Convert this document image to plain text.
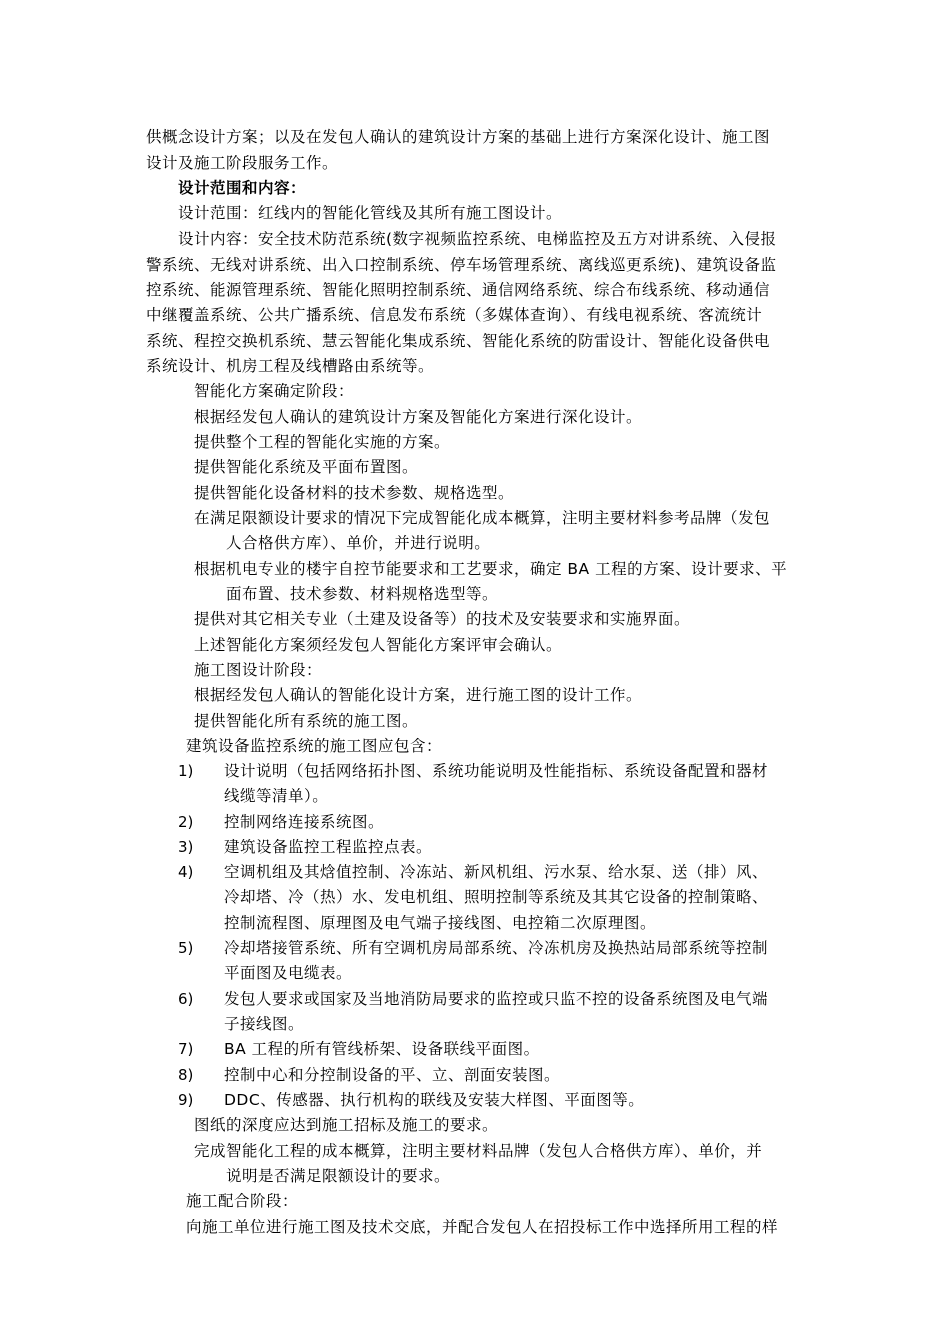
供概念设计方案；以及在发包人确认的建筑设计方案的基础上进行方案深化设计、施工图
设计及施工阶段服务工作。
设计范围和内容：
设计范围：红线内的智能化管线及其所有施工图设计。
设计内容：安全技术防范系统(数字视频监控系统、电梯监控及五方对讲系统、入侵报
警系统、无线对讲系统、出入口控制系统、停车场管理系统、离线巡更系统)、建筑设备监
控系统、能源管理系统、智能化照明控制系统、通信网络系统、综合布线系统、移动通信
中继覆盖系统、公共广播系统、信息发布系统（多媒体查询）、有线电视系统、客流统计
系统、程控交换机系统、慧云智能化集成系统、智能化系统的防雷设计、智能化设备供电
系统设计、机房工程及线槽路由系统等。
智能化方案确定阶段：
根据经发包人确认的建筑设计方案及智能化方案进行深化设计。
提供整个工程的智能化实施的方案。
提供智能化系统及平面布置图。
提供智能化设备材料的技术参数、规格选型。
在满足限额设计要求的情况下完成智能化成本概算，注明主要材料参考品牌（发包
人合格供方库）、单价，并进行说明。
根据机电专业的楼宇自控节能要求和工艺要求，确定 BA 工程的方案、设计要求、平
面布置、技术参数、材料规格选型等。
提供对其它相关专业（土建及设备等）的技术及安装要求和实施界面。
上述智能化方案须经发包人智能化方案评审会确认。
施工图设计阶段：
根据经发包人确认的智能化设计方案，进行施工图的设计工作。
提供智能化所有系统的施工图。
建筑设备监控系统的施工图应包含：
1) 设计说明（包括网络拓扑图、系统功能说明及性能指标、系统设备配置和器材
线缆等清单）。
2) 控制网络连接系统图。
3) 建筑设备监控工程监控点表。
4) 空调机组及其焓值控制、冷冻站、新风机组、污水泵、给水泵、送（排）风、
冷却塔、冷（热）水、发电机组、照明控制等系统及其其它设备的控制策略、
控制流程图、原理图及电气端子接线图、电控箱二次原理图。
5) 冷却塔接管系统、所有空调机房局部系统、冷冻机房及换热站局部系统等控制
平面图及电缆表。
6) 发包人要求或国家及当地消防局要求的监控或只监不控的设备系统图及电气端
子接线图。
7) BA 工程的所有管线桥架、设备联线平面图。
8) 控制中心和分控制设备的平、立、剖面安装图。
9) DDC、传感器、执行机构的联线及安装大样图、平面图等。
图纸的深度应达到施工招标及施工的要求。
完成智能化工程的成本概算，注明主要材料品牌（发包人合格供方库）、单价，并
说明是否满足限额设计的要求。
施工配合阶段：
向施工单位进行施工图及技术交底，并配合发包人在招投标工作中选择所用工程的样
